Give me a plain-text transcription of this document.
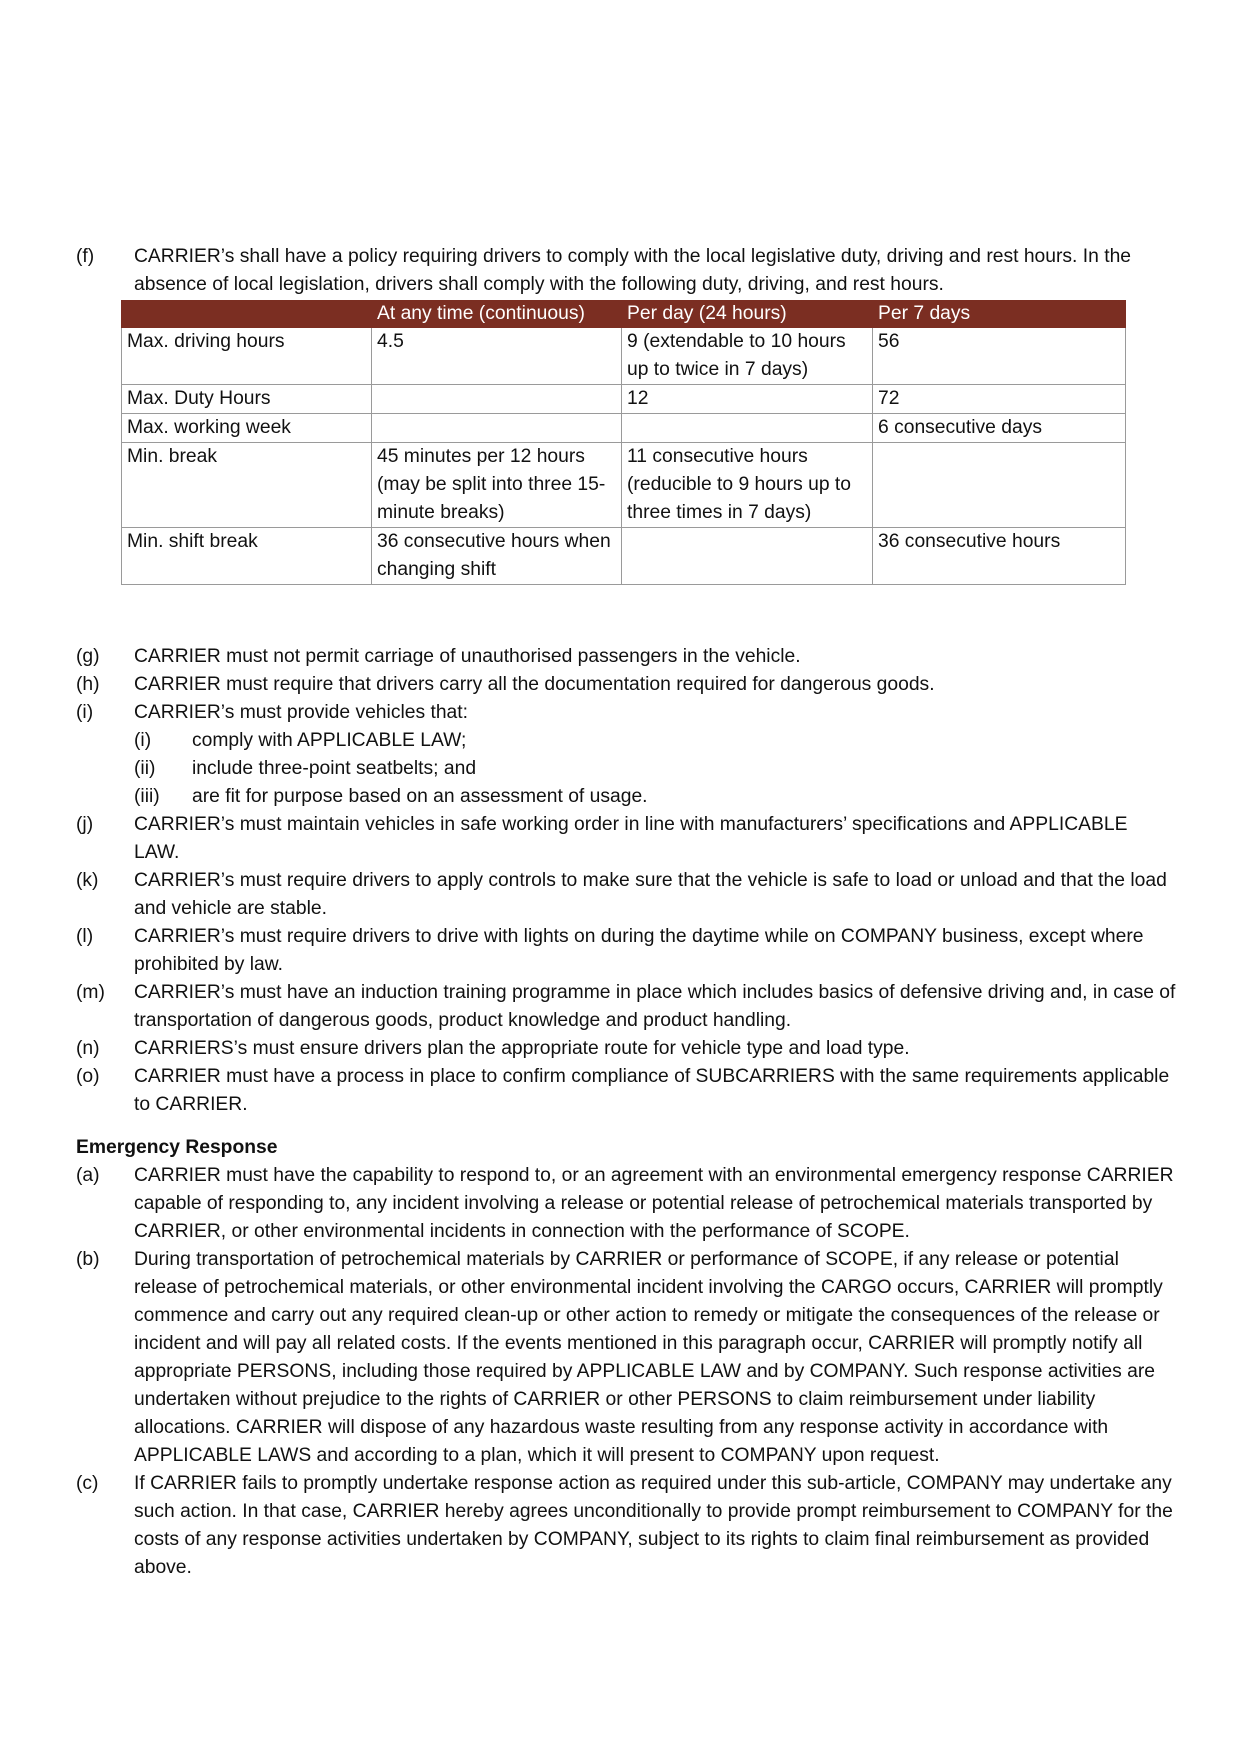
(f) CARRIER’s shall have a policy requiring drivers to comply with the local legislative duty, driving and rest hours. In the absence of local legislation, drivers shall comply with the following duty, driving, and rest hours.
	At any time (continuous)	Per day (24 hours)	Per 7 days
Max. driving hours	4.5	9 (extendable to 10 hours up to twice in 7 days)	56
Max. Duty Hours		12	72
Max. working week			6 consecutive days
Min. break	45 minutes per 12 hours (may be split into three 15-minute breaks)	11 consecutive hours (reducible to 9 hours up to three times in 7 days)	
Min. shift break	36 consecutive hours when changing shift		36 consecutive hours
(g) CARRIER must not permit carriage of unauthorised passengers in the vehicle.
(h) CARRIER must require that drivers carry all the documentation required for dangerous goods.
(i) CARRIER’s must provide vehicles that:
(i) comply with APPLICABLE LAW;
(ii) include three-point seatbelts; and
(iii) are fit for purpose based on an assessment of usage.
(j) CARRIER’s must maintain vehicles in safe working order in line with manufacturers’ specifications and APPLICABLE LAW.
(k) CARRIER’s must require drivers to apply controls to make sure that the vehicle is safe to load or unload and that the load and vehicle are stable.
(l) CARRIER’s must require drivers to drive with lights on during the daytime while on COMPANY business, except where prohibited by law.
(m) CARRIER’s must have an induction training programme in place which includes basics of defensive driving and, in case of transportation of dangerous goods, product knowledge and product handling.
(n) CARRIERS’s must ensure drivers plan the appropriate route for vehicle type and load type.
(o) CARRIER must have a process in place to confirm compliance of SUBCARRIERS with the same requirements applicable to CARRIER.
Emergency Response
(a) CARRIER must have the capability to respond to, or an agreement with an environmental emergency response CARRIER capable of responding to, any incident involving a release or potential release of petrochemical materials transported by CARRIER, or other environmental incidents in connection with the performance of SCOPE.
(b) During transportation of petrochemical materials by CARRIER or performance of SCOPE, if any release or potential release of petrochemical materials, or other environmental incident involving the CARGO occurs, CARRIER will promptly commence and carry out any required clean-up or other action to remedy or mitigate the consequences of the release or incident and will pay all related costs. If the events mentioned in this paragraph occur, CARRIER will promptly notify all appropriate PERSONS, including those required by APPLICABLE LAW and by COMPANY. Such response activities are undertaken without prejudice to the rights of CARRIER or other PERSONS to claim reimbursement under liability allocations. CARRIER will dispose of any hazardous waste resulting from any response activity in accordance with APPLICABLE LAWS and according to a plan, which it will present to COMPANY upon request.
(c) If CARRIER fails to promptly undertake response action as required under this sub-article, COMPANY may undertake any such action. In that case, CARRIER hereby agrees unconditionally to provide prompt reimbursement to COMPANY for the costs of any response activities undertaken by COMPANY, subject to its rights to claim final reimbursement as provided above.
